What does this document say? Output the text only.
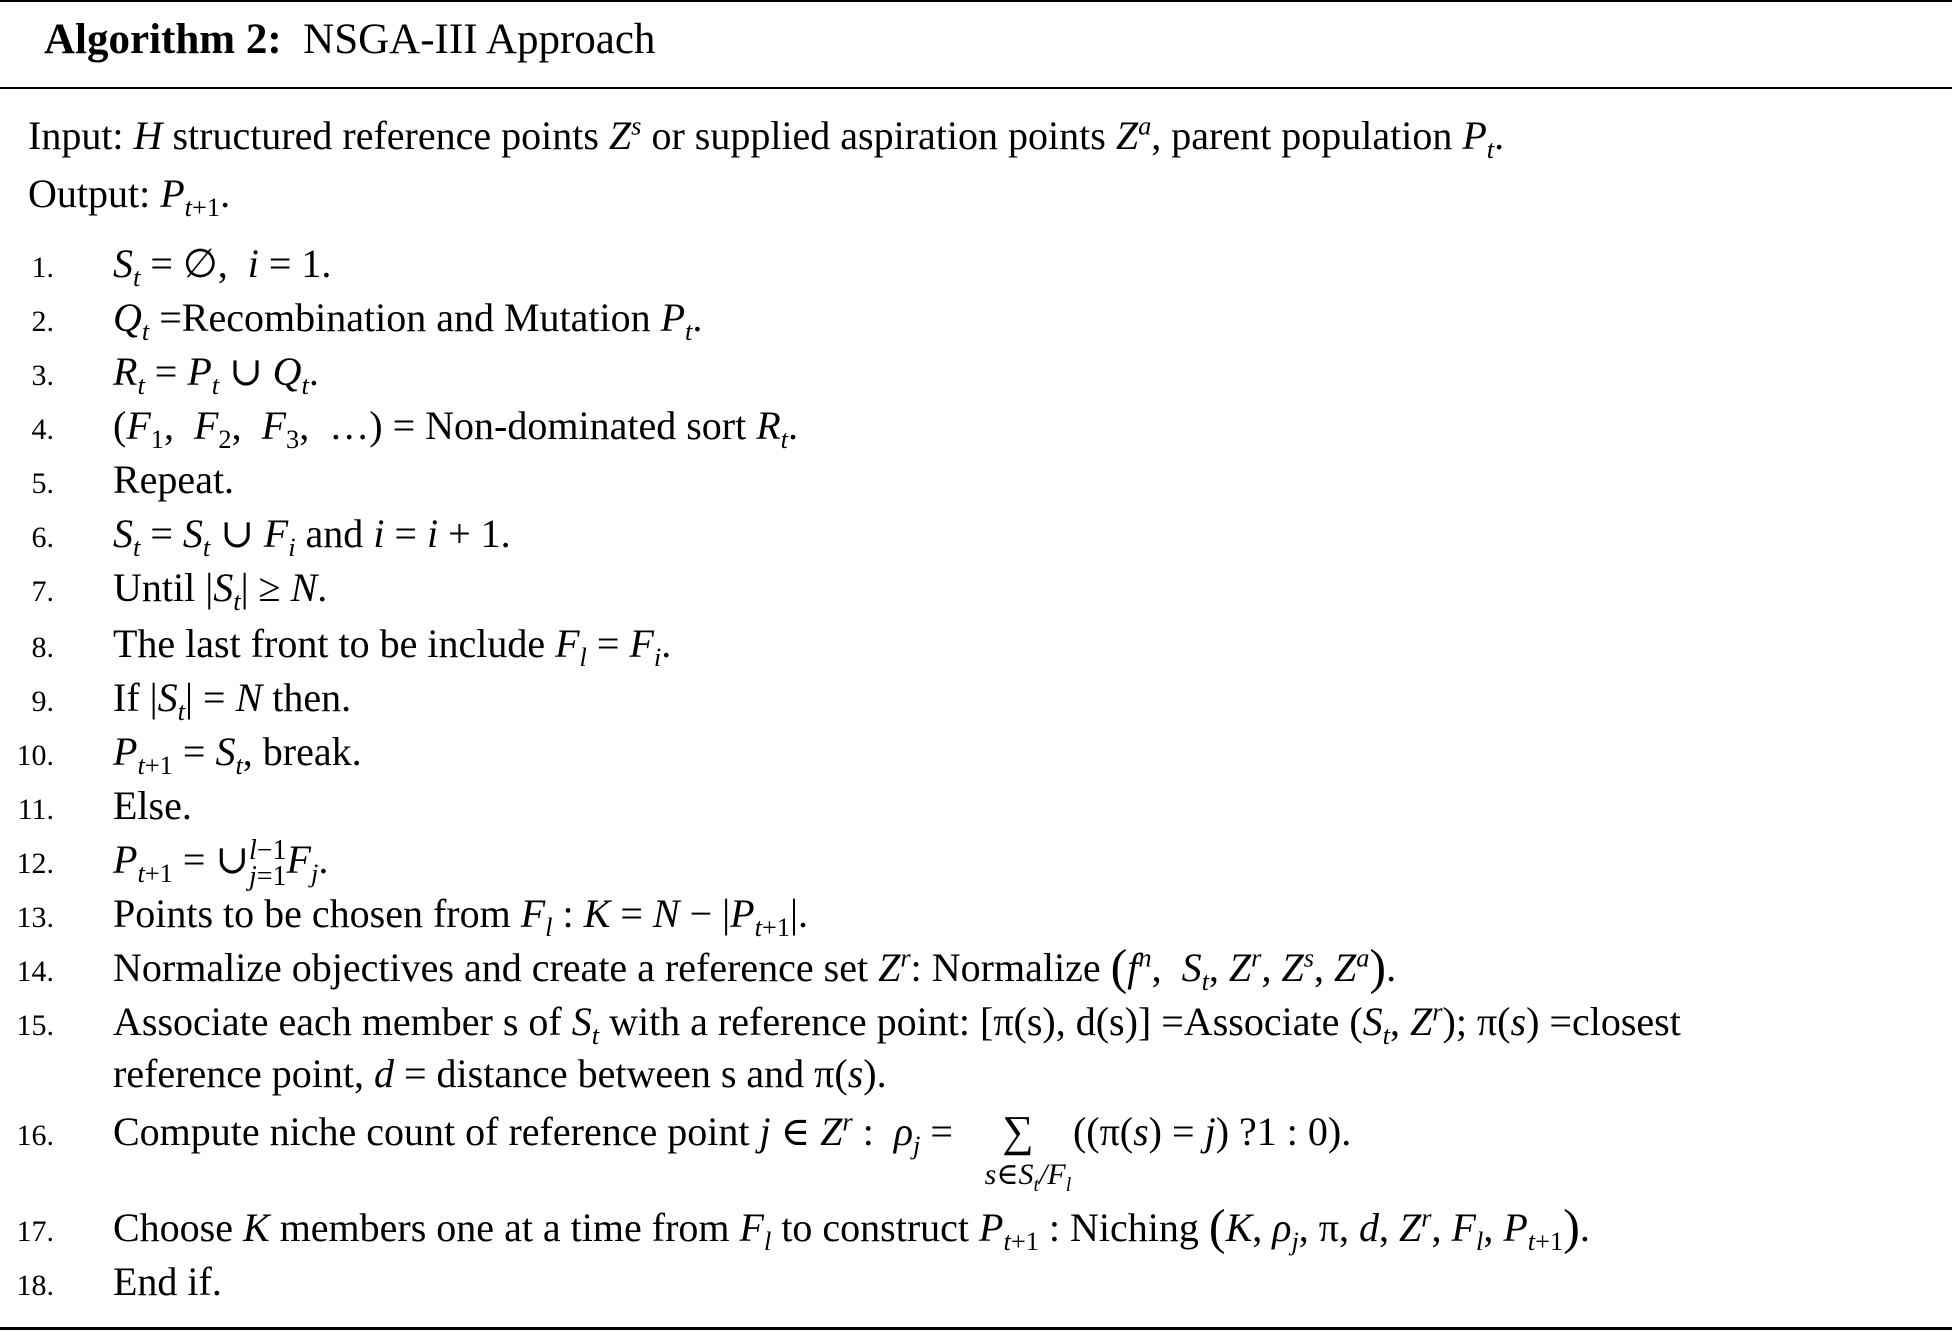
Algorithm 2: NSGA-III Approach
Input: H structured reference points $Z^s$ or supplied aspiration points $Z^a$, parent population $P_t$.
Output: $P_{t+1}$.
1. $S_t$ = ∅,  i = 1.
2. $Q_t$ =Recombination and Mutation $P_t$.
3. $R_t = P_t$ ∪ $Q_t$.
4. ($F_1$,  $F_2$,  $F_3$,  …) = Non-dominated sort $R_t$.
5. Repeat.
6. $S_t = S_t$ ∪ $F_i$ and i = i + 1.
7. Until $|S_t| \ge N$.
8. The last front to be include $F_l = F_i$.
9. If $|S_t| = N$ then.
10. $P_{t+1} = S_t$, break.
11. Else.
12. $P_{t+1}$ = ∪ l−1
j=1 $F_j$.
13. Points to be chosen from $F_l$ : $K = N - |P_{t+1}|$.
14. Normalize objectives and create a reference set $Z^r$: Normalize ($f^n$,  $S_t$, $Z^r$, $Z^s$, $Z^a$).
15. Associate each member s of $S_t$ with a reference point: [π(s), d(s)] =Associate ($S_t$, $Z^r$); π(s) =closest
reference point, d = distance between s and π(s).
16. Compute niche count of reference point j ∈ $Z^r$ :  $\rho_j$ = ∑
$s\in S_t/F_l$
((π(s) = j) ?1 : 0).
17. Choose K members one at a time from $F_l$ to construct $P_{t+1}$ : Niching (K, $\rho_j$, π, d, $Z^r$, $F_l$, $P_{t+1}$).
18. End if.
